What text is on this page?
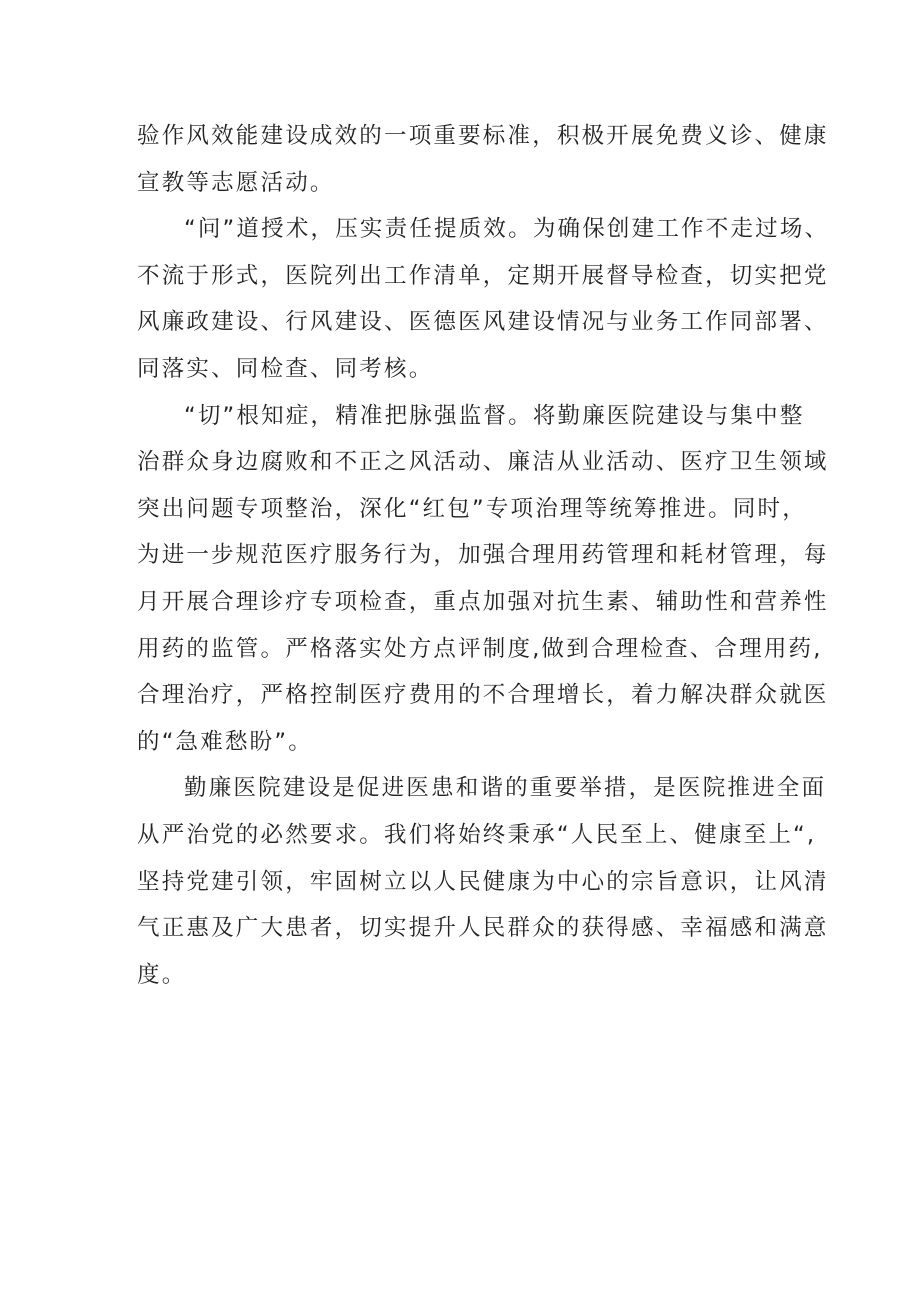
验作风效能建设成效的一项重要标准，积极开展免费义诊、健康
宣教等志愿活动。

“问”道授术，压实责任提质效。为确保创建工作不走过场、
不流于形式，医院列出工作清单，定期开展督导检查，切实把党
风廉政建设、行风建设、医德医风建设情况与业务工作同部署、
同落实、同检查、同考核。

“切”根知症，精准把脉强监督。将勤廉医院建设与集中整
治群众身边腐败和不正之风活动、廉洁从业活动、医疗卫生领域
突出问题专项整治，深化“红包”专项治理等统筹推进。同时，
为进一步规范医疗服务行为，加强合理用药管理和耗材管理，每
月开展合理诊疗专项检查，重点加强对抗生素、辅助性和营养性
用药的监管。严格落实处方点评制度,做到合理检查、合理用药,
合理治疗，严格控制医疗费用的不合理增长，着力解决群众就医
的“急难愁盼”。

勤廉医院建设是促进医患和谐的重要举措，是医院推进全面
从严治党的必然要求。我们将始终秉承“人民至上、健康至上“,
坚持党建引领，牢固树立以人民健康为中心的宗旨意识，让风清
气正惠及广大患者，切实提升人民群众的获得感、幸福感和满意
度。
